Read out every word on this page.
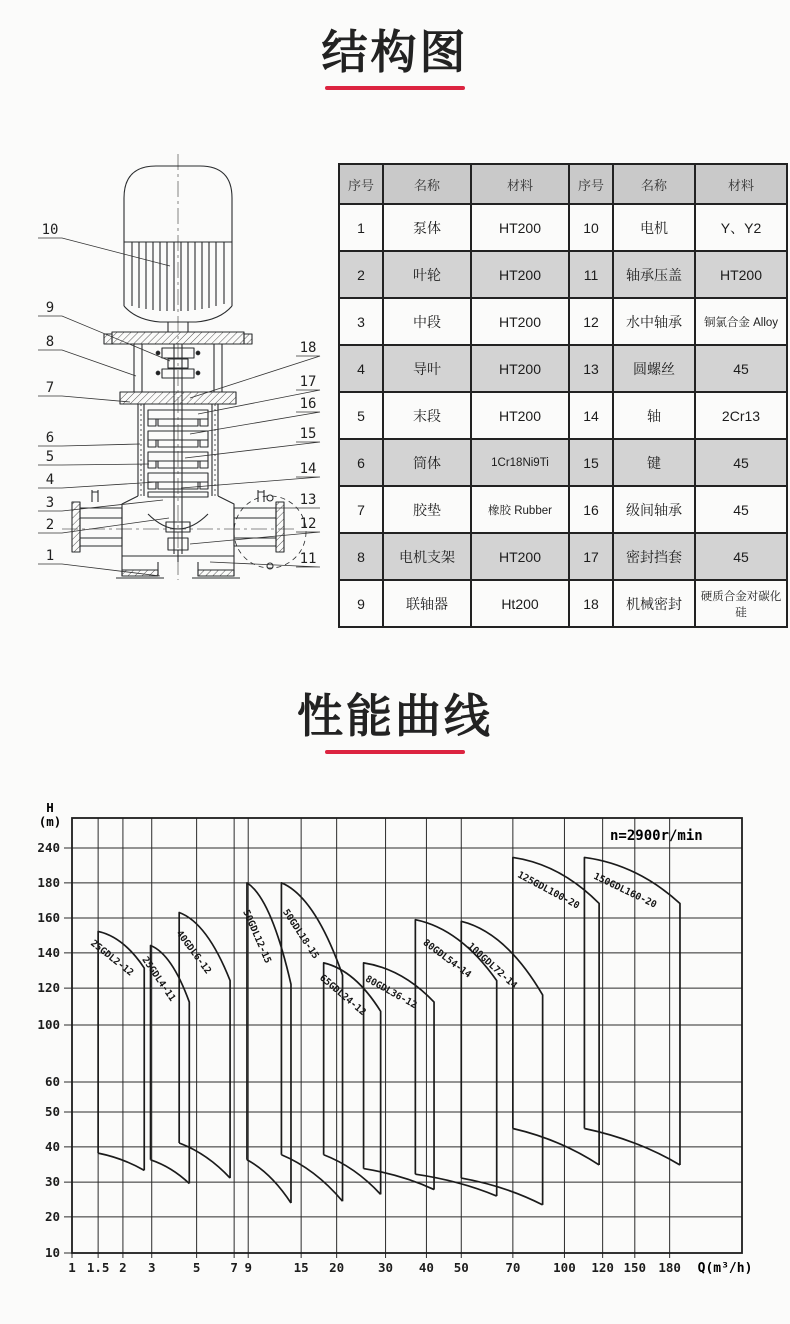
结构图
10
9
8
7
6
5
4
3
2
1
18
17
16
15
14
13
12
11
序号	名称	材料	序号	名称	材料
1	泵体	HT200	10	电机	Y、Y2
2	叶轮	HT200	11	轴承压盖	HT200
3	中段	HT200	12	水中轴承	铜氯合金 Alloy
4	导叶	HT200	13	圆螺丝	45
5	末段	HT200	14	轴	2Cr13
6	筒体	1Cr18Ni9Ti	15	键	45
7	胶垫	橡胶 Rubber	16	级间轴承	45
8	电机支架	HT200	17	密封挡套	45
9	联轴器	Ht200	18	机械密封	硬质合金对碳化硅
性能曲线
1 1.5 2 3	5 7 9	15 20	30 40 50	70	100 120 150 180
10
20
30
40
50
60
100
120
140
160
180
240
H
(m)
Q(m³/h)
n=2900r/min
25GDL2-12 25GDL4-11
40GDL6-12	50GDL12-15 50GDL18-15
65GDL24-12
80GDL36-12
80GDL54-14
100GDL72-14
125GDL100-20 150GDL160-20
